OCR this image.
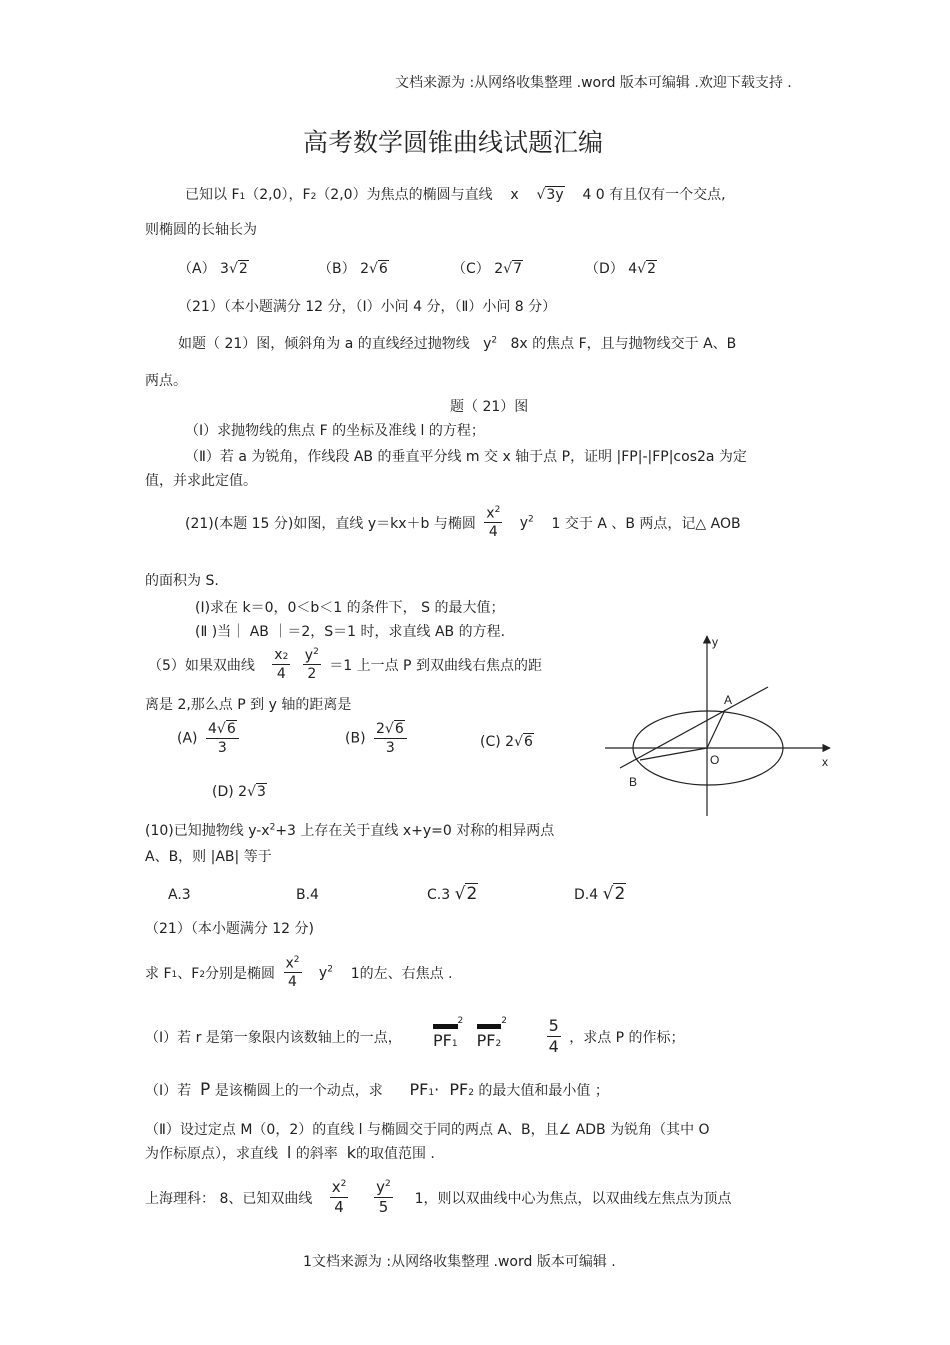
文档来源为 :从网络收集整理 .word 版本可编辑 .欢迎下载支持 .
高考数学圆锥曲线试题汇编
已知以 F1（2,0），F2（2,0）为焦点的椭圆与直线 x √3y 4 0 有且仅有一个交点,
则椭圆的长轴长为
（A） 3√2	（B） 2√6	（C） 2√7	（D） 4√2
（21）（本小题满分 12 分，（Ⅰ）小问 4 分，（Ⅱ）小问 8 分）
如题（ 21）图，倾斜角为 a 的直线经过抛物线 $y^2$ 8x 的焦点 F，且与抛物线交于 A、B
两点。
题（ 21）图
（Ⅰ）求抛物线的焦点 F 的坐标及准线 l 的方程；
（Ⅱ）若 a 为锐角，作线段 AB 的垂直平分线 m 交 x 轴于点 P，证明 |FP|-|FP|cos2a 为定
值，并求此定值。
(21)(本题 15 分)如图，直线 y＝kx＋b 与椭圆 $\frac{x^2}{4} y^2$ 1 交于 A 、B 两点，记△ AOB
的面积为 S.
(I)求在 k＝0，0＜b＜1 的条件下， S 的最大值；
(Ⅱ )当｜ AB ｜＝2，S＝1 时，求直线 AB 的方程.
（5）如果双曲线 $\frac{x2}{4}$
$\frac{y^2}{2} =1$ 上一点 P 到双曲线右焦点的距
离是 2,那么点 P 到 y 轴的距离是
$(A) \frac{4√6}{3}$	$(B) \frac{2√6}{3}$	(C) 2√6
(D) 2√3
y
x
A
B
O
(10)已知抛物线 $y-x^2+3$ 上存在关于直线 x+y=0 对称的相异两点
A、B，则 |AB| 等于
A.3	B.4	C.3 √2	D.4 √2
（21）（本小题满分 12 分)
求 F1、F2分别是椭圆 $\frac{x^2}{4} y^2$ 1的左、右焦点 .
（Ⅰ）若 r 是第一象限内该数轴上的一点， $PF1^2$
$PF2^2 \frac{5}{4}$ ，求点 P 的作标；
（Ⅰ）若 P 是该椭圆上的一个动点，求 PF1· PF2 的最大值和最小值 ；
（Ⅱ）设过定点 M（0，2）的直线 l 与椭圆交于同的两点 A、B，且∠ ADB 为锐角（其中 O
为作标原点），求直线 l 的斜率 k的取值范围 .
上海理科： 8、已知双曲线 $\frac{x^2}{4}$
$\frac{y^2}{5} 1$，则以双曲线中心为焦点，以双曲线左焦点为顶点
1文档来源为 :从网络收集整理 .word 版本可编辑 .
